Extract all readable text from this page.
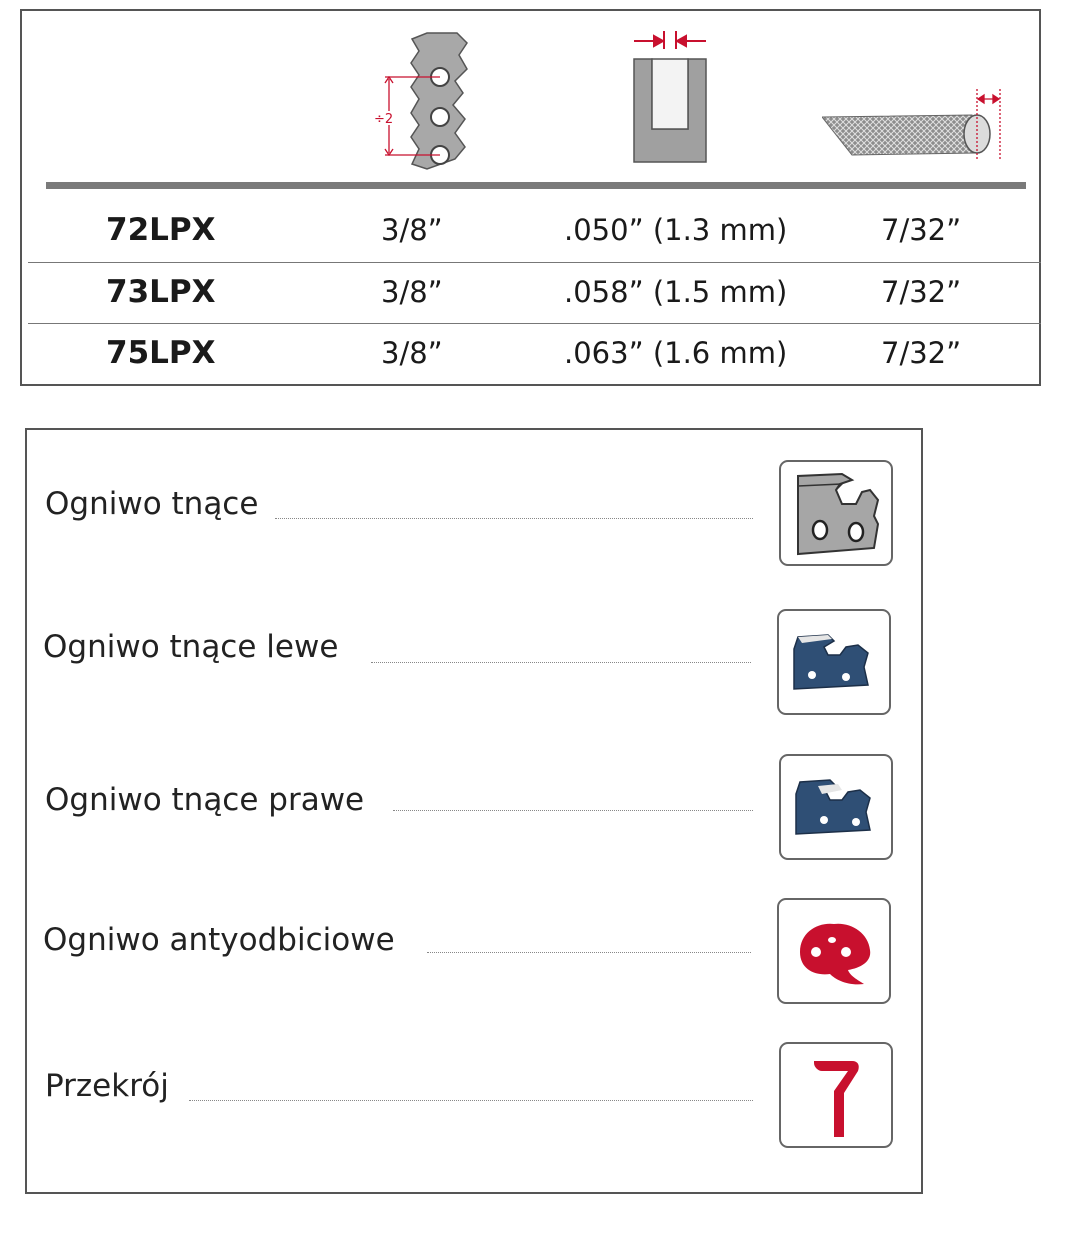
÷2
72LPX	3/8”	.050” (1.3 mm)	7/32”
73LPX	3/8”	.058” (1.5 mm)	7/32”
75LPX	3/8”	.063” (1.6 mm)	7/32”
Ogniwo tnące
Ogniwo tnące lewe
Ogniwo tnące prawe
Ogniwo antyodbiciowe
Przekrój
